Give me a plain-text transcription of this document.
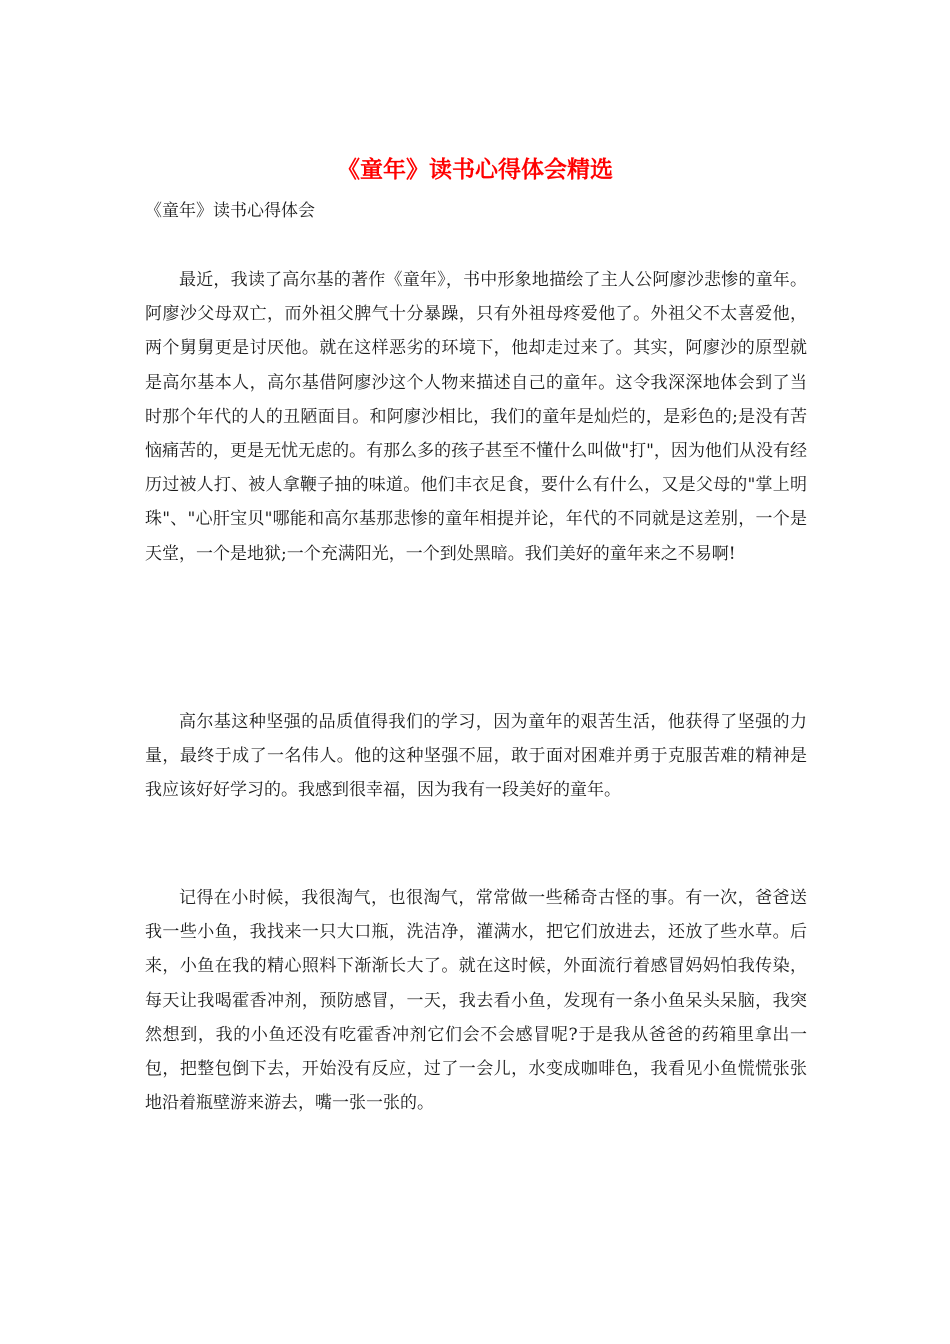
《童年》读书心得体会精选

《童年》读书心得体会

最近，我读了高尔基的著作《童年》，书中形象地描绘了主人公阿廖沙悲惨的童年。阿廖沙父母双亡，而外祖父脾气十分暴躁，只有外祖母疼爱他了。外祖父不太喜爱他，两个舅舅更是讨厌他。就在这样恶劣的环境下，他却走过来了。其实，阿廖沙的原型就是高尔基本人，高尔基借阿廖沙这个人物来描述自己的童年。这令我深深地体会到了当时那个年代的人的丑陋面目。和阿廖沙相比，我们的童年是灿烂的，是彩色的;是没有苦恼痛苦的，更是无忧无虑的。有那么多的孩子甚至不懂什么叫做"打"，因为他们从没有经历过被人打、被人拿鞭子抽的味道。他们丰衣足食，要什么有什么，又是父母的"掌上明珠"、"心肝宝贝"哪能和高尔基那悲惨的童年相提并论，年代的不同就是这差别，一个是天堂，一个是地狱;一个充满阳光，一个到处黑暗。我们美好的童年来之不易啊!

高尔基这种坚强的品质值得我们的学习，因为童年的艰苦生活，他获得了坚强的力量，最终于成了一名伟人。他的这种坚强不屈，敢于面对困难并勇于克服苦难的精神是我应该好好学习的。我感到很幸福，因为我有一段美好的童年。

记得在小时候，我很淘气，也很淘气，常常做一些稀奇古怪的事。有一次，爸爸送我一些小鱼，我找来一只大口瓶，洗洁净，灌满水，把它们放进去，还放了些水草。后来，小鱼在我的精心照料下渐渐长大了。就在这时候，外面流行着感冒妈妈怕我传染，每天让我喝霍香冲剂，预防感冒，一天，我去看小鱼，发现有一条小鱼呆头呆脑，我突然想到，我的小鱼还没有吃霍香冲剂它们会不会感冒呢?于是我从爸爸的药箱里拿出一包，把整包倒下去，开始没有反应，过了一会儿，水变成咖啡色，我看见小鱼慌慌张张地沿着瓶壁游来游去，嘴一张一张的。
